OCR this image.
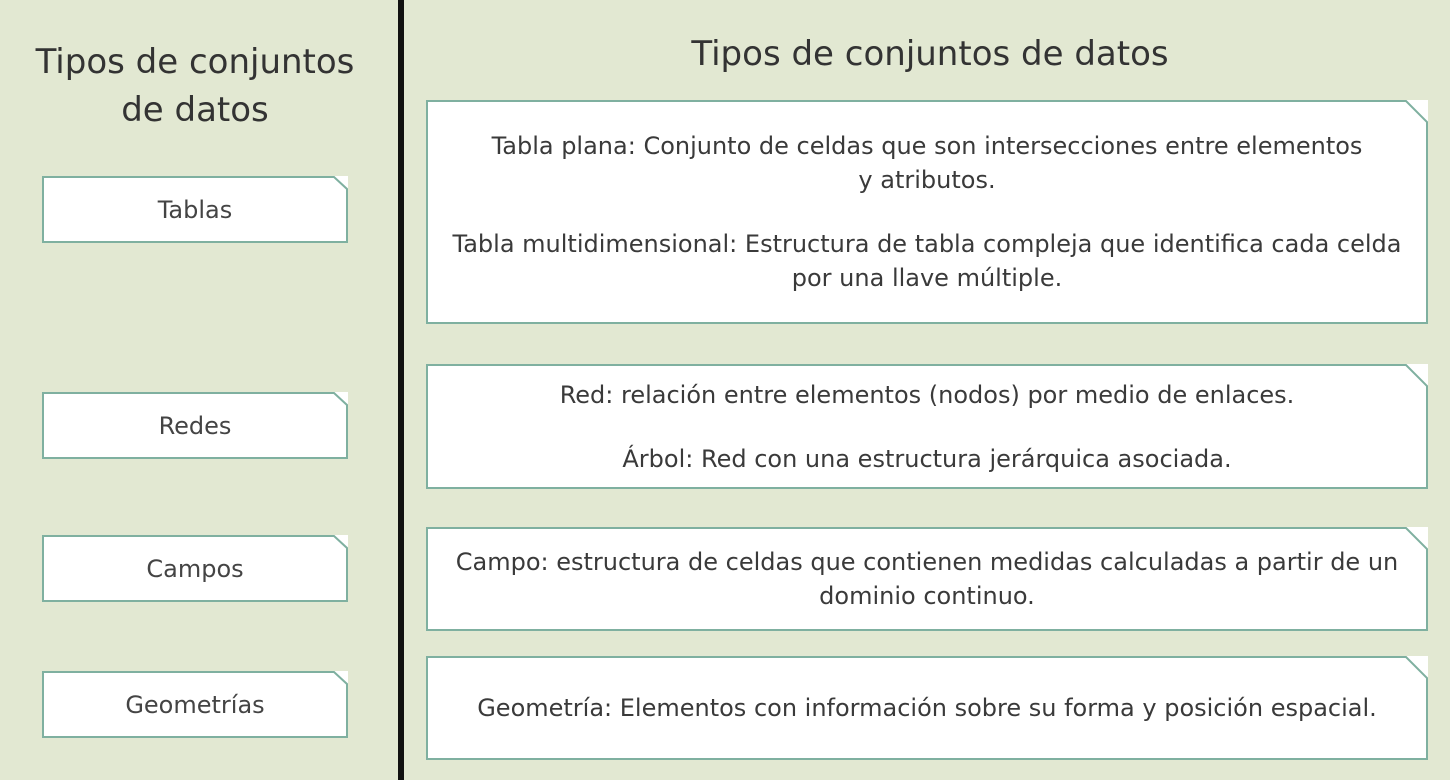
Tipos de conjuntos de datos
Tipos de conjuntos de datos
Tablas
Redes
Campos
Geometrías

Tabla plana: Conjunto de celdas que son intersecciones entre elementos y atributos.

Tabla multidimensional: Estructura de tabla compleja que identifica cada celda por una llave múltiple.

Red: relación entre elementos (nodos) por medio de enlaces.

Árbol: Red con una estructura jerárquica asociada.

Campo: estructura de celdas que contienen medidas calculadas a partir de un dominio continuo.

Geometría: Elementos con información sobre su forma y posición espacial.
